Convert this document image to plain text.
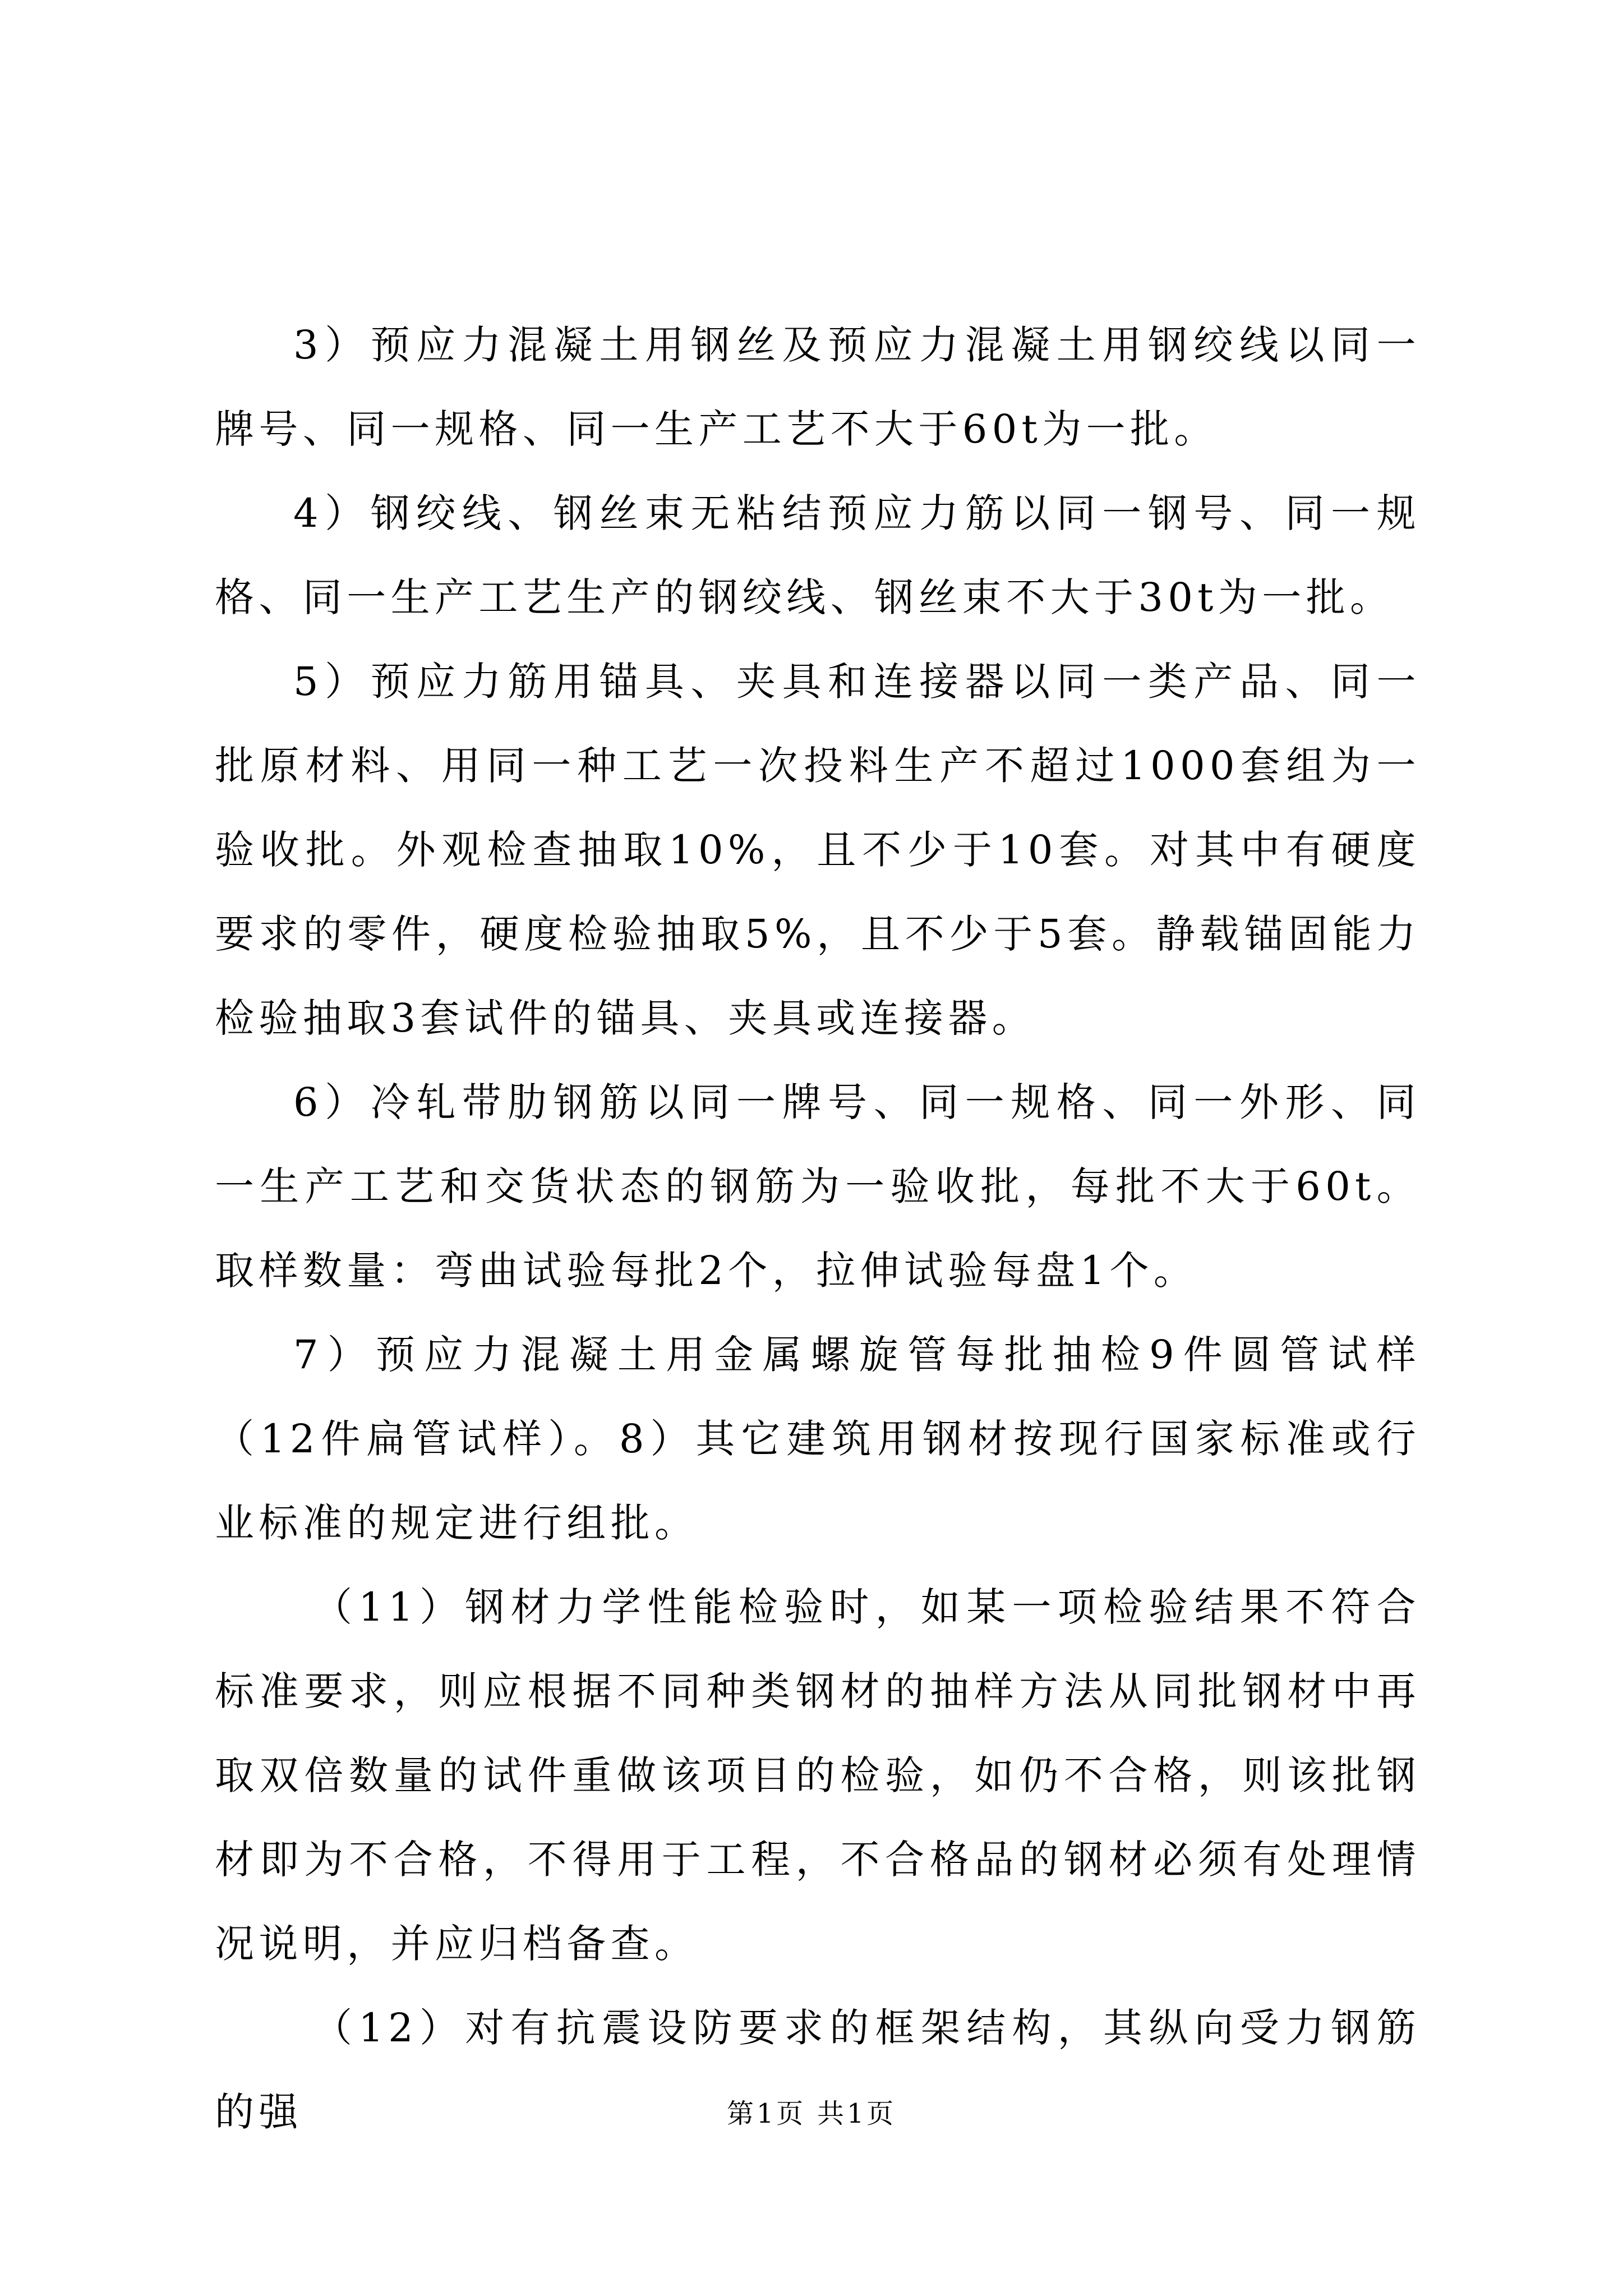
3）预应力混凝土用钢丝及预应力混凝土用钢绞线以同一牌号、同一规格、同一生产工艺不大于60t为一批。

4）钢绞线、钢丝束无粘结预应力筋以同一钢号、同一规格、同一生产工艺生产的钢绞线、钢丝束不大于30t为一批。

5）预应力筋用锚具、夹具和连接器以同一类产品、同一批原材料、用同一种工艺一次投料生产不超过1000套组为一验收批。外观检查抽取10%，且不少于10套。对其中有硬度要求的零件，硬度检验抽取5%，且不少于5套。静载锚固能力检验抽取3套试件的锚具、夹具或连接器。

6）冷轧带肋钢筋以同一牌号、同一规格、同一外形、同一生产工艺和交货状态的钢筋为一验收批，每批不大于60t。取样数量：弯曲试验每批2个，拉伸试验每盘1个。

7）预应力混凝土用金属螺旋管每批抽检9件圆管试样（12件扁管试样）。8）其它建筑用钢材按现行国家标准或行业标准的规定进行组批。

（11）钢材力学性能检验时，如某一项检验结果不符合标准要求，则应根据不同种类钢材的抽样方法从同批钢材中再取双倍数量的试件重做该项目的检验，如仍不合格，则该批钢材即为不合格，不得用于工程，不合格品的钢材必须有处理情况说明，并应归档备查。

（12）对有抗震设防要求的框架结构，其纵向受力钢筋的强	第1页 共1页
